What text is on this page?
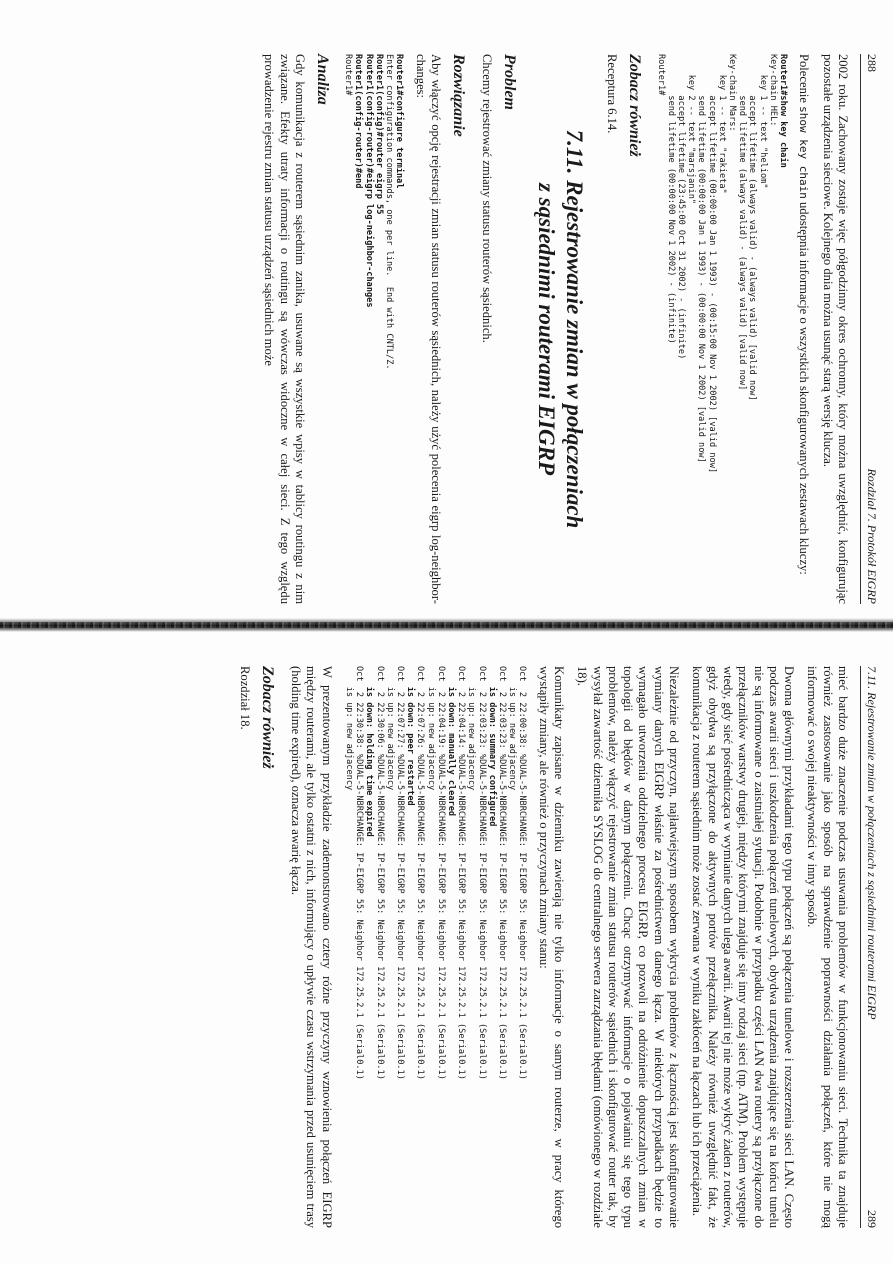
288
Rozdział 7. Protokół EIGRP

2002 roku. Zachowany zostaje więc półgodzinny okres ochronny, który można uwzględnić, konfigurując pozostałe urządzenia sieciowe. Kolejnego dnia można usunąć starą wersję klucza.

Polecenie show key chain udostępnia informacje o wszystkich skonfigurowanych zestawach kluczy:

Router1#show key chain
Key-chain HEL:
key 1 -- text "heliom"
accept lifetime (always valid) - (always valid) [valid now]
send lifetime (always valid) - (always valid) [valid now]
Key-chain Mars:
key 1 -- text "rakieta"
accept lifetime (00:00:00 Jan 1 1993) - (00:15:00 Nov 1 2002) [valid now]
send lifetime (00:00:00 Jan 1 1993) - (00:00:00 Nov 1 2002) [valid now]
key 2 -- text "marsjanin"
accept lifetime (23:45:00 Oct 31 2002) - (infinite)
send lifetime (00:00:00 Nov 1 2002) - (infinite)
Router1#

Zobacz również

Receptura 6.14.

7.11. Rejestrowanie zmian w połączeniach
z sąsiednimi routerami EIGRP
Problem

Chcemy rejestrować zmiany statusu routerów sąsiednich.

Rozwiązanie

Aby włączyć opcję rejestracji zmian statusu routerów sąsiednich, należy użyć polecenia eigrp log-neighbor-changes:

Router1#configure terminal
Enter configuration commands, one per line.  End with CNTL/Z.
Router1(config)#router eigrp 55
Router1(config-router)#eigrp log-neighbor-changes
Router1(config-router)#end
Router1#

Analiza

Gdy komunikacja z routerem sąsiednim zanika, usuwane są wszystkie wpisy w tablicy routingu z nim związane. Efekty utraty informacji o routingu są wówczas widoczne w całej sieci. Z tego względu prowadzenie rejestru zmian statusu urządzeń sąsiednich może

7.11. Rejestrowanie zmian w połączeniach z sąsiednimi routerami EIGRP
289

mieć bardzo duże znaczenie podczas usuwania problemów w funkcjonowaniu sieci. Technika ta znajduje również zastosowanie jako sposób na sprawdzenie poprawności działania połączeń, które nie mogą informować o swojej nieaktywności w inny sposób.

Dwoma głównymi przykładami tego typu połączeń są połączenia tunelowe i rozszerzenia sieci LAN. Często podczas awarii sieci i uszkodzenia połączeń tunelowych, obydwa urządzenia znajdujące się na końcu tunelu nie są informowane o zaistniałej sytuacji. Podobnie w przypadku części LAN dwa routery są przyłączone do przełączników warstwy drugiej, między którymi znajduje się inny rodzaj sieci (np. ATM). Problem występuje wtedy, gdy sieć pośrednicząca w wymianie danych ulega awarii. Awarii tej nie może wykryć żaden z routerów, gdyż obydwa są przyłączone do aktywnych portów przełącznika. Należy również uwzględnić fakt, że komunikacja z routerem sąsiednim może zostać zerwana w wyniku zakłóceń na łączach lub ich przeciążenia.

Niezależnie od przyczyn, najłatwiejszym sposobem wykrycia problemów z łącznością jest skonfigurowanie wymiany danych EIGRP właśnie za pośrednictwem danego łącza. W niektórych przypadkach będzie to wymagało utworzenia oddzielnego procesu EIGRP, co pozwoli na odróżnienie dopuszczalnych zmian w topologii od błędów w danym połączeniu. Chcąc otrzymywać informacje o pojawianiu się tego typu problemów, należy włączyć rejestrowanie zmian statusu routerów sąsiednich i skonfigurować router tak, by wysyłał zawartość dziennika SYSLOG do centralnego serwera zarządzania błędami (omówionego w rozdziale 18).

Komunikaty zapisane w dzienniku zawierają nie tylko informacje o samym routerze, w pracy którego wystąpiły zmiany, ale również o przyczynach zmiany stanu:

Oct  2 22:00:38: %DUAL-5-NBRCHANGE: IP-EIGRP 55: Neighbor 172.25.2.1 (Serial0.1)
is up: new adjacency
Oct  2 22:03:23: %DUAL-5-NBRCHANGE: IP-EIGRP 55: Neighbor 172.25.2.1 (Serial0.1)
is down: summary configured
Oct  2 22:03:23: %DUAL-5-NBRCHANGE: IP-EIGRP 55: Neighbor 172.25.2.1 (Serial0.1)
is up: new adjacency
Oct  2 22:04:14: %DUAL-5-NBRCHANGE: IP-EIGRP 55: Neighbor 172.25.2.1 (Serial0.1)
is down: manually cleared
Oct  2 22:04:19: %DUAL-5-NBRCHANGE: IP-EIGRP 55: Neighbor 172.25.2.1 (Serial0.1)
is up: new adjacency
Oct  2 22:07:26: %DUAL-5-NBRCHANGE: IP-EIGRP 55: Neighbor 172.25.2.1 (Serial0.1)
is down: peer restarted
Oct  2 22:07:27: %DUAL-5-NBRCHANGE: IP-EIGRP 55: Neighbor 172.25.2.1 (Serial0.1)
is up: new adjacency
Oct  2 22:30:06: %DUAL-5-NBRCHANGE: IP-EIGRP 55: Neighbor 172.25.2.1 (Serial0.1)
is down: holding time expired
Oct  2 22:30:38: %DUAL-5-NBRCHANGE: IP-EIGRP 55: Neighbor 172.25.2.1 (Serial0.1)
is up: new adjacency

W prezentowanym przykładzie zademonstrowano cztery różne przyczyny wznowienia połączeń EIGRP między routerami, ale tylko ostatni z nich, informujący o upływie czasu wstrzymania przed usunięciem trasy (holding time expired), oznacza awarię łącza.

Zobacz również

Rozdział 18.
